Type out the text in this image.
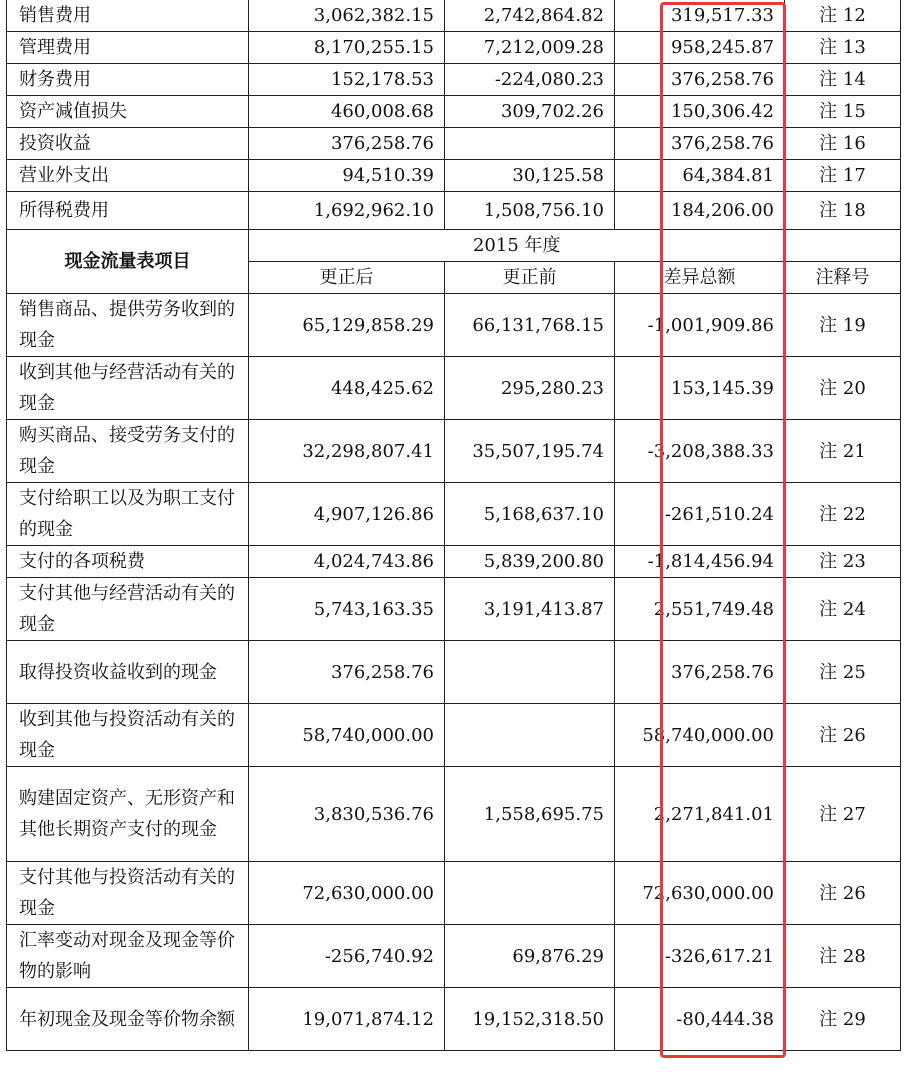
销售费用	3,062,382.15	2,742,864.82	319,517.33	注 12
管理费用	8,170,255.15	7,212,009.28	958,245.87	注 13
财务费用	152,178.53	-224,080.23	376,258.76	注 14
资产减值损失	460,008.68	309,702.26	150,306.42	注 15
投资收益	376,258.76		376,258.76	注 16
营业外支出	94,510.39	30,125.58	64,384.81	注 17
所得税费用	1,692,962.10	1,508,756.10	184,206.00	注 18
现金流量表项目	2015 年度			
	更正后	更正前	差异总额	注释号
销售商品、提供劳务收到的现金	65,129,858.29	66,131,768.15	-1,001,909.86	注 19
收到其他与经营活动有关的现金	448,425.62	295,280.23	153,145.39	注 20
购买商品、接受劳务支付的现金	32,298,807.41	35,507,195.74	-3,208,388.33	注 21
支付给职工以及为职工支付的现金	4,907,126.86	5,168,637.10	-261,510.24	注 22
支付的各项税费	4,024,743.86	5,839,200.80	-1,814,456.94	注 23
支付其他与经营活动有关的现金	5,743,163.35	3,191,413.87	2,551,749.48	注 24
取得投资收益收到的现金	376,258.76		376,258.76	注 25
收到其他与投资活动有关的现金	58,740,000.00		58,740,000.00	注 26
购建固定资产、无形资产和其他长期资产支付的现金	3,830,536.76	1,558,695.75	2,271,841.01	注 27
支付其他与投资活动有关的现金	72,630,000.00		72,630,000.00	注 26
汇率变动对现金及现金等价物的影响	-256,740.92	69,876.29	-326,617.21	注 28
年初现金及现金等价物余额	19,071,874.12	19,152,318.50	-80,444.38	注 29
